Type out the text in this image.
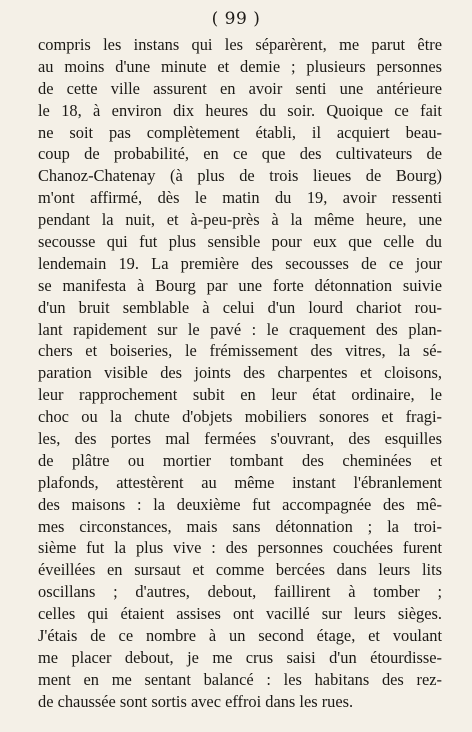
( 99 )
compris les instans qui les séparèrent, me parut être
au moins d'une minute et demie ; plusieurs personnes
de cette ville assurent en avoir senti une antérieure
le 18, à environ dix heures du soir. Quoique ce fait
ne soit pas complètement établi, il acquiert beau-
coup de probabilité, en ce que des cultivateurs de
Chanoz-Chatenay (à plus de trois lieues de Bourg)
m'ont affirmé, dès le matin du 19, avoir ressenti
pendant la nuit, et à-peu-près à la même heure, une
secousse qui fut plus sensible pour eux que celle du
lendemain 19. La première des secousses de ce jour
se manifesta à Bourg par une forte détonnation suivie
d'un bruit semblable à celui d'un lourd chariot rou-
lant rapidement sur le pavé : le craquement des plan-
chers et boiseries, le frémissement des vitres, la sé-
paration visible des joints des charpentes et cloisons,
leur rapprochement subit en leur état ordinaire, le
choc ou la chute d'objets mobiliers sonores et fragi-
les, des portes mal fermées s'ouvrant, des esquilles
de plâtre ou mortier tombant des cheminées et
plafonds, attestèrent au même instant l'ébranlement
des maisons : la deuxième fut accompagnée des mê-
mes circonstances, mais sans détonnation ; la troi-
sième fut la plus vive : des personnes couchées furent
éveillées en sursaut et comme bercées dans leurs lits
oscillans ; d'autres, debout, faillirent à tomber ;
celles qui étaient assises ont vacillé sur leurs sièges.
J'étais de ce nombre à un second étage, et voulant
me placer debout, je me crus saisi d'un étourdisse-
ment en me sentant balancé : les habitans des rez-
de chaussée sont sortis avec effroi dans les rues.
